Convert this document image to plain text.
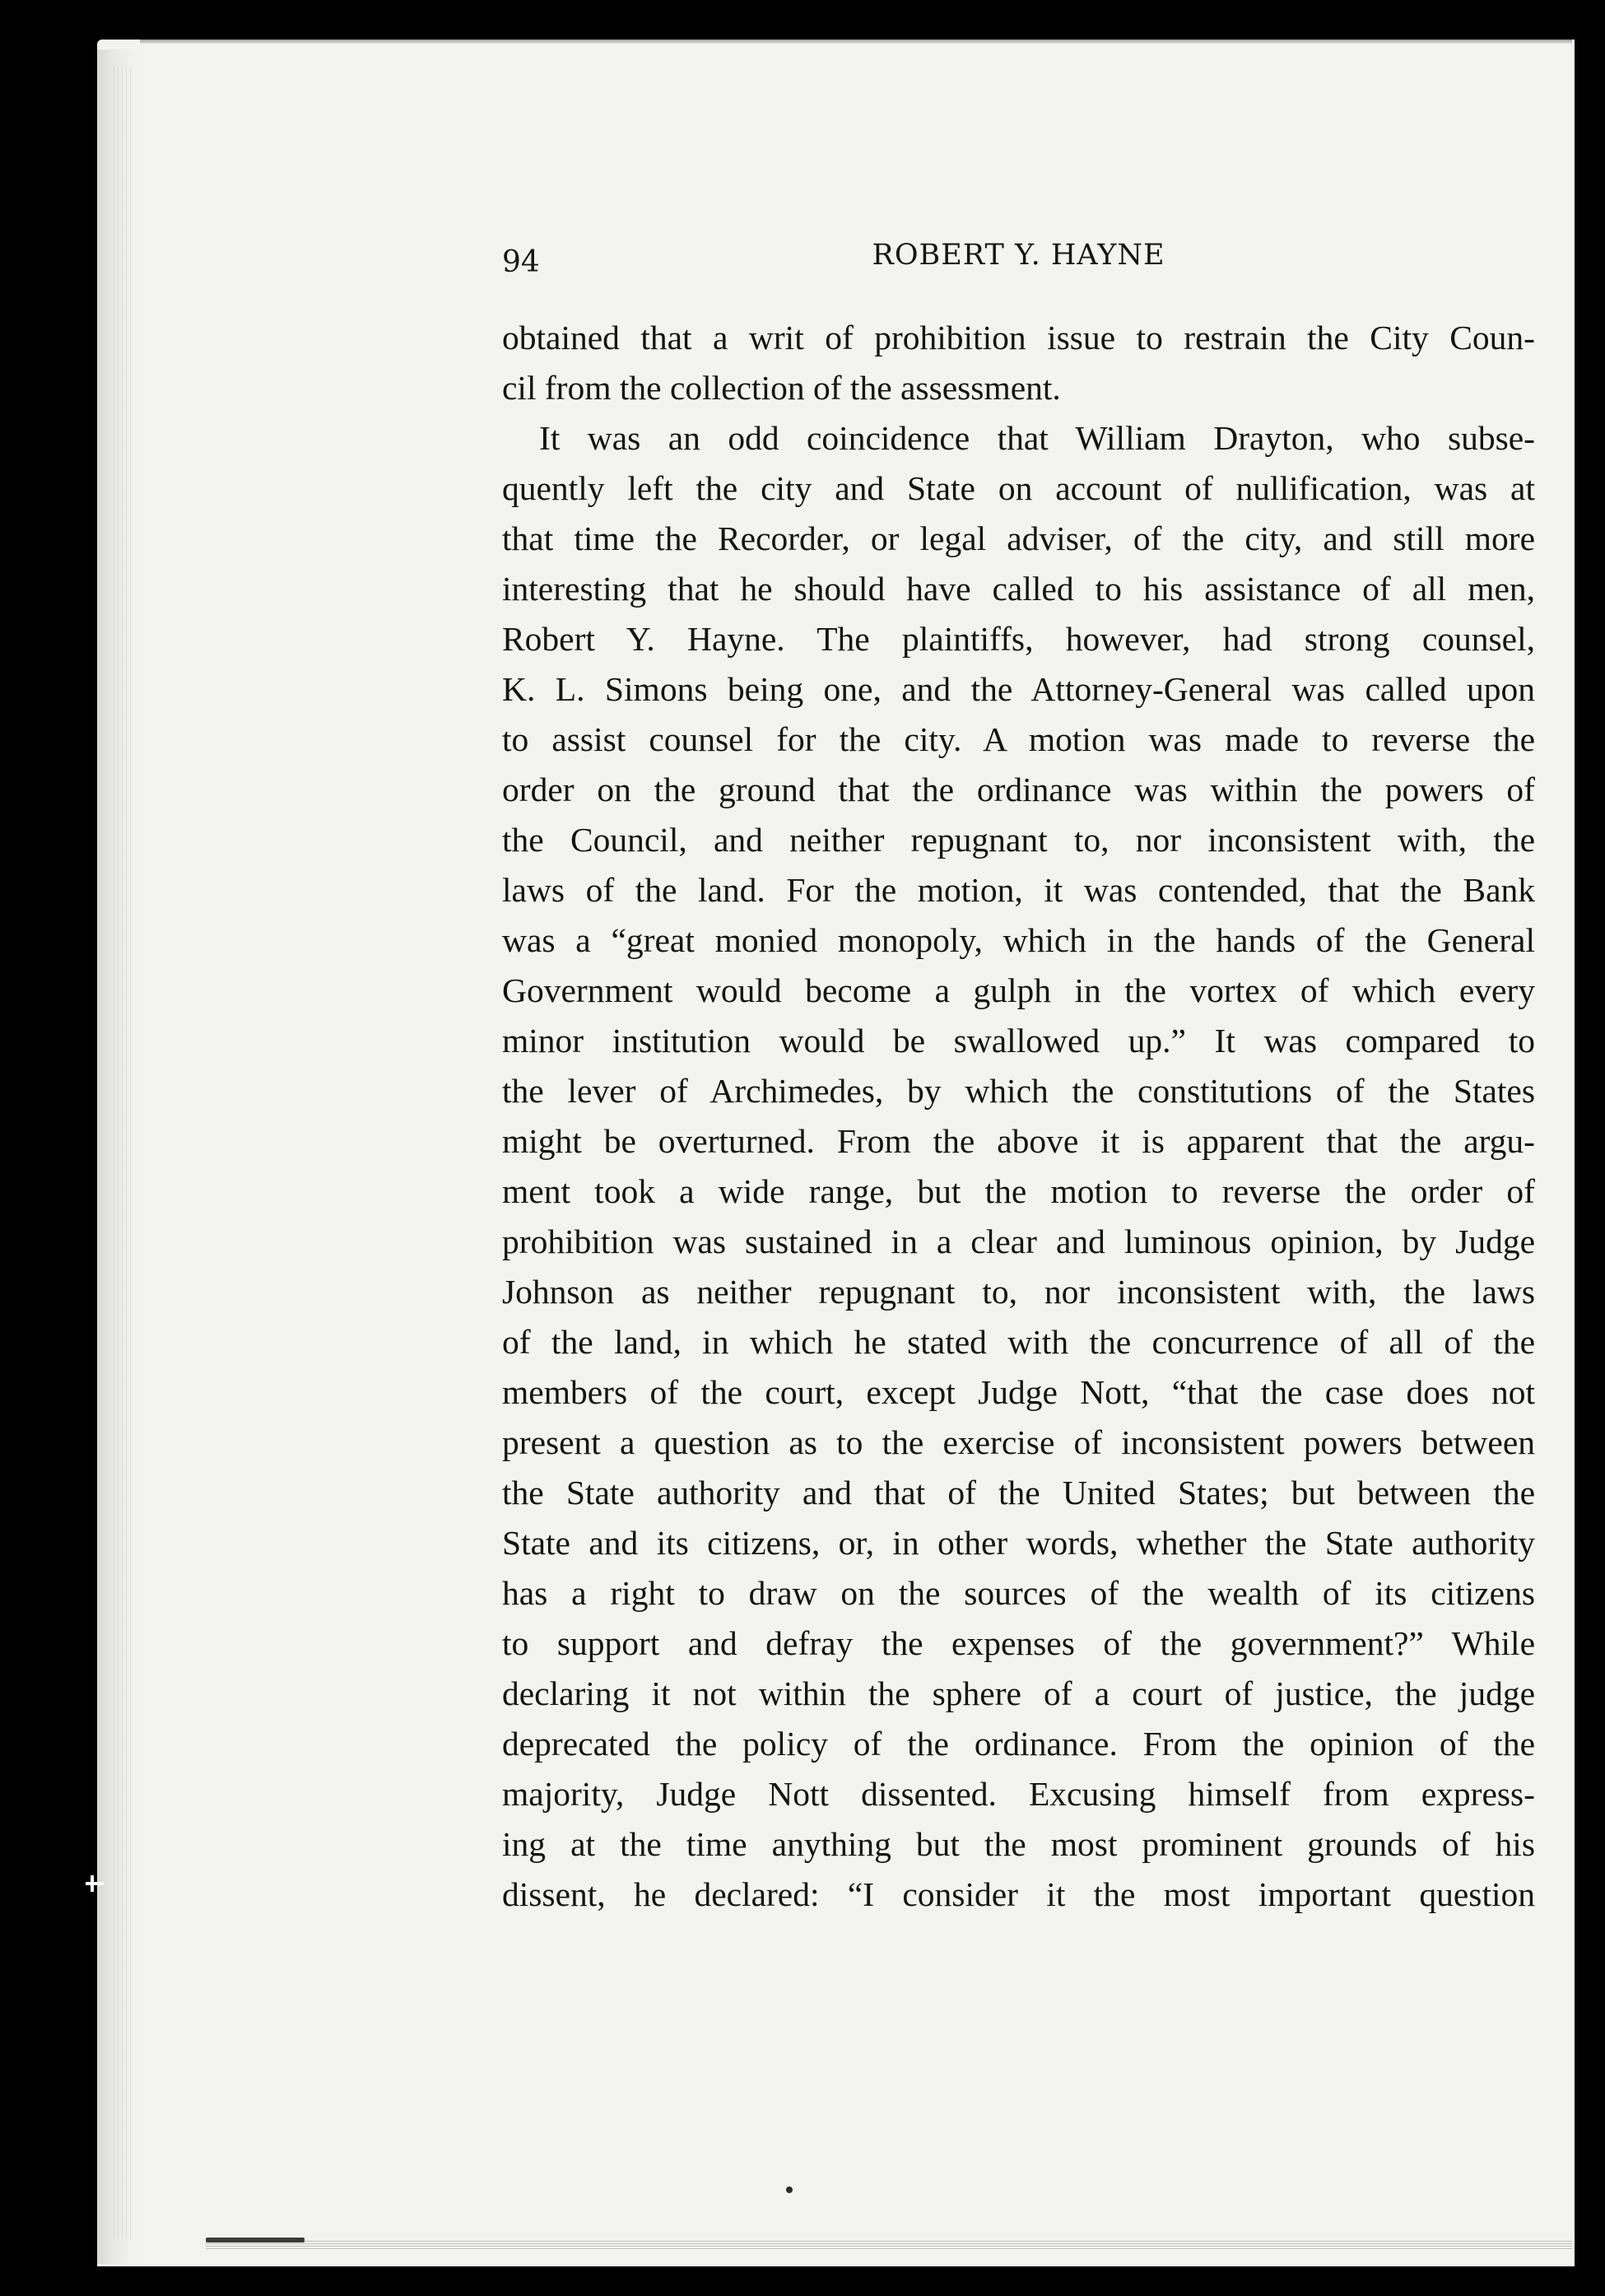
94	ROBERT Y. HAYNE
obtained that a writ of prohibition issue to restrain the City Coun-
cil from the collection of the assessment.
It was an odd coincidence that William Drayton, who subse-
quently left the city and State on account of nullification, was at
that time the Recorder, or legal adviser, of the city, and still more
interesting that he should have called to his assistance of all men,
Robert Y. Hayne. The plaintiffs, however, had strong counsel,
K. L. Simons being one, and the Attorney-General was called upon
to assist counsel for the city. A motion was made to reverse the
order on the ground that the ordinance was within the powers of
the Council, and neither repugnant to, nor inconsistent with, the
laws of the land. For the motion, it was contended, that the Bank
was a “great monied monopoly, which in the hands of the General
Government would become a gulph in the vortex of which every
minor institution would be swallowed up.” It was compared to
the lever of Archimedes, by which the constitutions of the States
might be overturned. From the above it is apparent that the argu-
ment took a wide range, but the motion to reverse the order of
prohibition was sustained in a clear and luminous opinion, by Judge
Johnson as neither repugnant to, nor inconsistent with, the laws
of the land, in which he stated with the concurrence of all of the
members of the court, except Judge Nott, “that the case does not
present a question as to the exercise of inconsistent powers between
the State authority and that of the United States; but between the
State and its citizens, or, in other words, whether the State authority
has a right to draw on the sources of the wealth of its citizens
to support and defray the expenses of the government?” While
declaring it not within the sphere of a court of justice, the judge
deprecated the policy of the ordinance. From the opinion of the
majority, Judge Nott dissented. Excusing himself from express-
ing at the time anything but the most prominent grounds of his
dissent, he declared: “I consider it the most important question
